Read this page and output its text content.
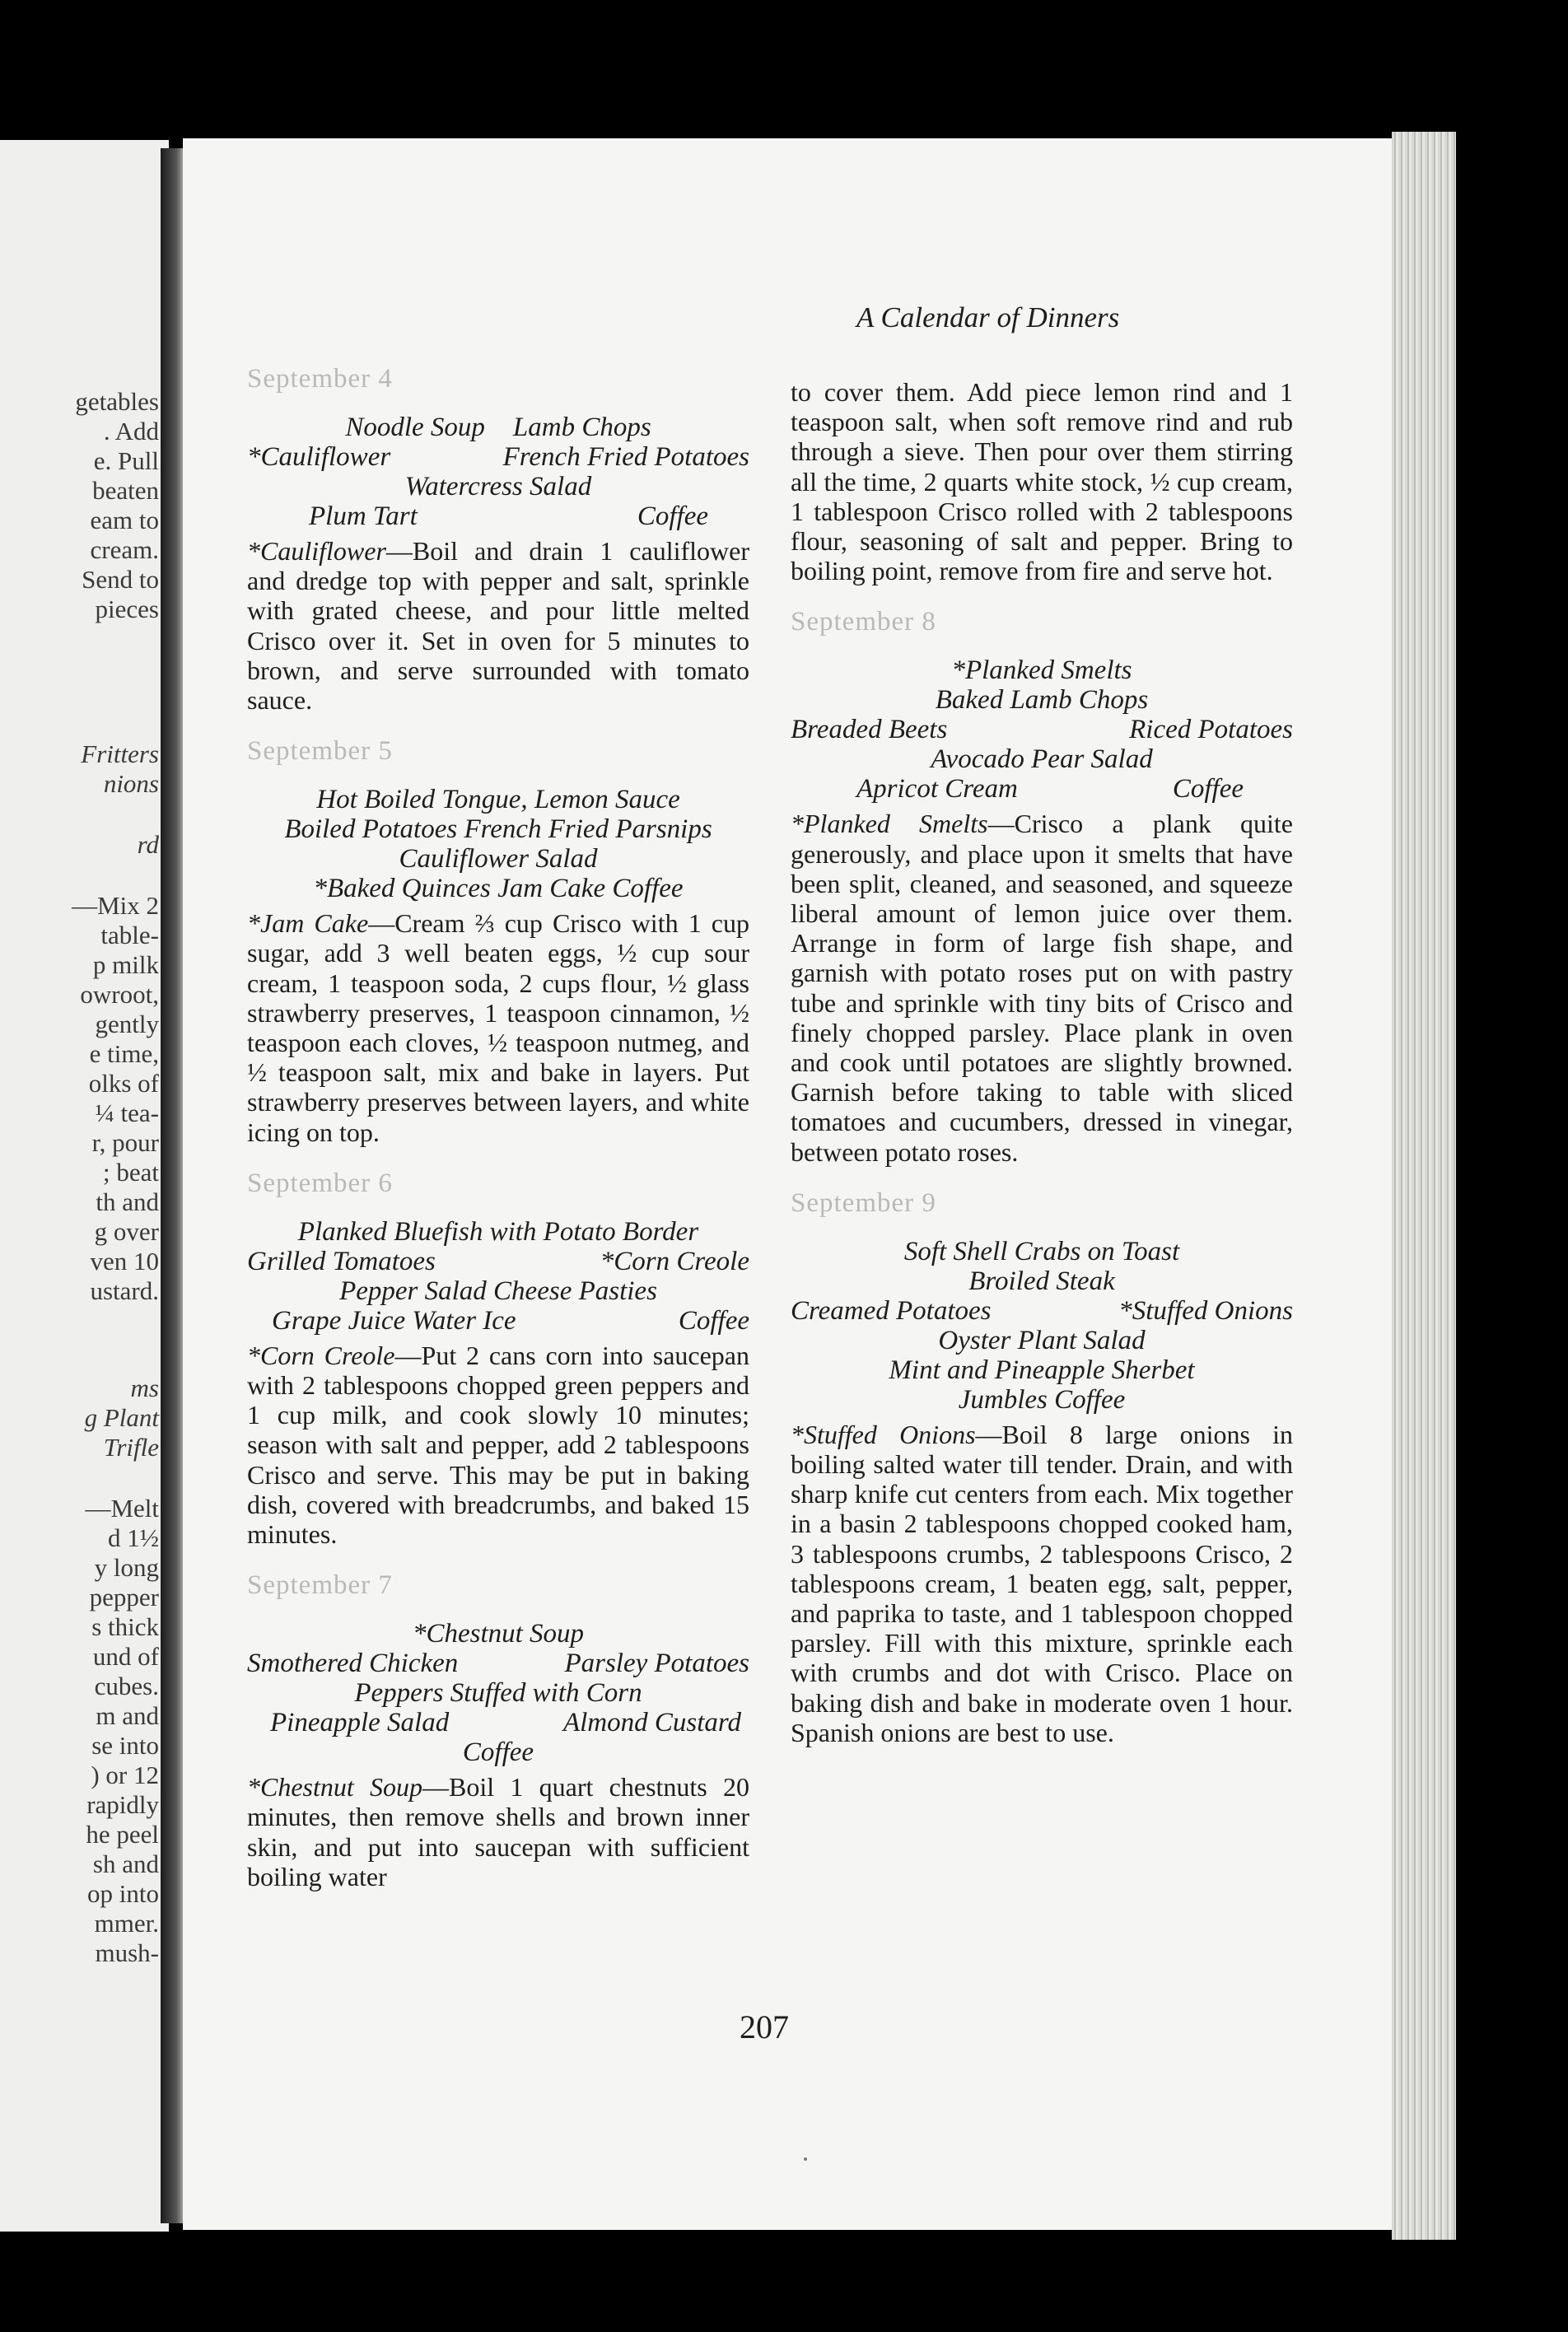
getables
. Add
e. Pull
beaten
eam to
cream.
Send to
pieces
Fritters
nions
rd
—Mix 2
table-
p milk
owroot,
gently
e time,
olks of
¼ tea-
r, pour
; beat
th and
g over
ven 10
ustard.
ms
g Plant
Trifle
—Melt
d 1½
y long
pepper
s thick
und of
cubes.
m and
se into
) or 12
rapidly
he peel
sh and
op into
mmer.
mush-
A Calendar of Dinners
September 4
Noodle Soup Lamb Chops
*Cauliflower	French Fried Potatoes
Watercress Salad
Plum Tart	Coffee
*Cauliflower—Boil and drain 1 cauliflower and dredge top with pepper and salt, sprinkle with grated cheese, and pour little melted Crisco over it. Set in oven for 5 minutes to brown, and serve surrounded with tomato sauce.
September 5
Hot Boiled Tongue, Lemon Sauce
Boiled Potatoes French Fried Parsnips
Cauliflower Salad
*Baked Quinces Jam Cake Coffee
*Jam Cake—Cream ⅔ cup Crisco with 1 cup sugar, add 3 well beaten eggs, ½ cup sour cream, 1 teaspoon soda, 2 cups flour, ½ glass strawberry preserves, 1 teaspoon cinnamon, ½ teaspoon each cloves, ½ teaspoon nutmeg, and ½ teaspoon salt, mix and bake in layers. Put strawberry preserves between layers, and white icing on top.
September 6
Planked Bluefish with Potato Border
Grilled Tomatoes	*Corn Creole
Pepper Salad Cheese Pasties
Grape Juice Water Ice	Coffee
*Corn Creole—Put 2 cans corn into saucepan with 2 tablespoons chopped green peppers and 1 cup milk, and cook slowly 10 minutes; season with salt and pepper, add 2 tablespoons Crisco and serve. This may be put in baking dish, covered with breadcrumbs, and baked 15 minutes.
September 7
*Chestnut Soup
Smothered Chicken	Parsley Potatoes
Peppers Stuffed with Corn
Pineapple Salad	Almond Custard
Coffee
*Chestnut Soup—Boil 1 quart chestnuts 20 minutes, then remove shells and brown inner skin, and put into saucepan with sufficient boiling water
to cover them. Add piece lemon rind and 1 teaspoon salt, when soft remove rind and rub through a sieve. Then pour over them stirring all the time, 2 quarts white stock, ½ cup cream, 1 tablespoon Crisco rolled with 2 tablespoons flour, seasoning of salt and pepper. Bring to boiling point, remove from fire and serve hot.
September 8
*Planked Smelts
Baked Lamb Chops
Breaded Beets	Riced Potatoes
Avocado Pear Salad
Apricot Cream	Coffee
*Planked Smelts—Crisco a plank quite generously, and place upon it smelts that have been split, cleaned, and seasoned, and squeeze liberal amount of lemon juice over them. Arrange in form of large fish shape, and garnish with potato roses put on with pastry tube and sprinkle with tiny bits of Crisco and finely chopped parsley. Place plank in oven and cook until potatoes are slightly browned. Garnish before taking to table with sliced tomatoes and cucumbers, dressed in vinegar, between potato roses.
September 9
Soft Shell Crabs on Toast
Broiled Steak
Creamed Potatoes	*Stuffed Onions
Oyster Plant Salad
Mint and Pineapple Sherbet
Jumbles Coffee
*Stuffed Onions—Boil 8 large onions in boiling salted water till tender. Drain, and with sharp knife cut centers from each. Mix together in a basin 2 tablespoons chopped cooked ham, 3 tablespoons crumbs, 2 tablespoons Crisco, 2 tablespoons cream, 1 beaten egg, salt, pepper, and paprika to taste, and 1 tablespoon chopped parsley. Fill with this mixture, sprinkle each with crumbs and dot with Crisco. Place on baking dish and bake in moderate oven 1 hour. Spanish onions are best to use.
207
